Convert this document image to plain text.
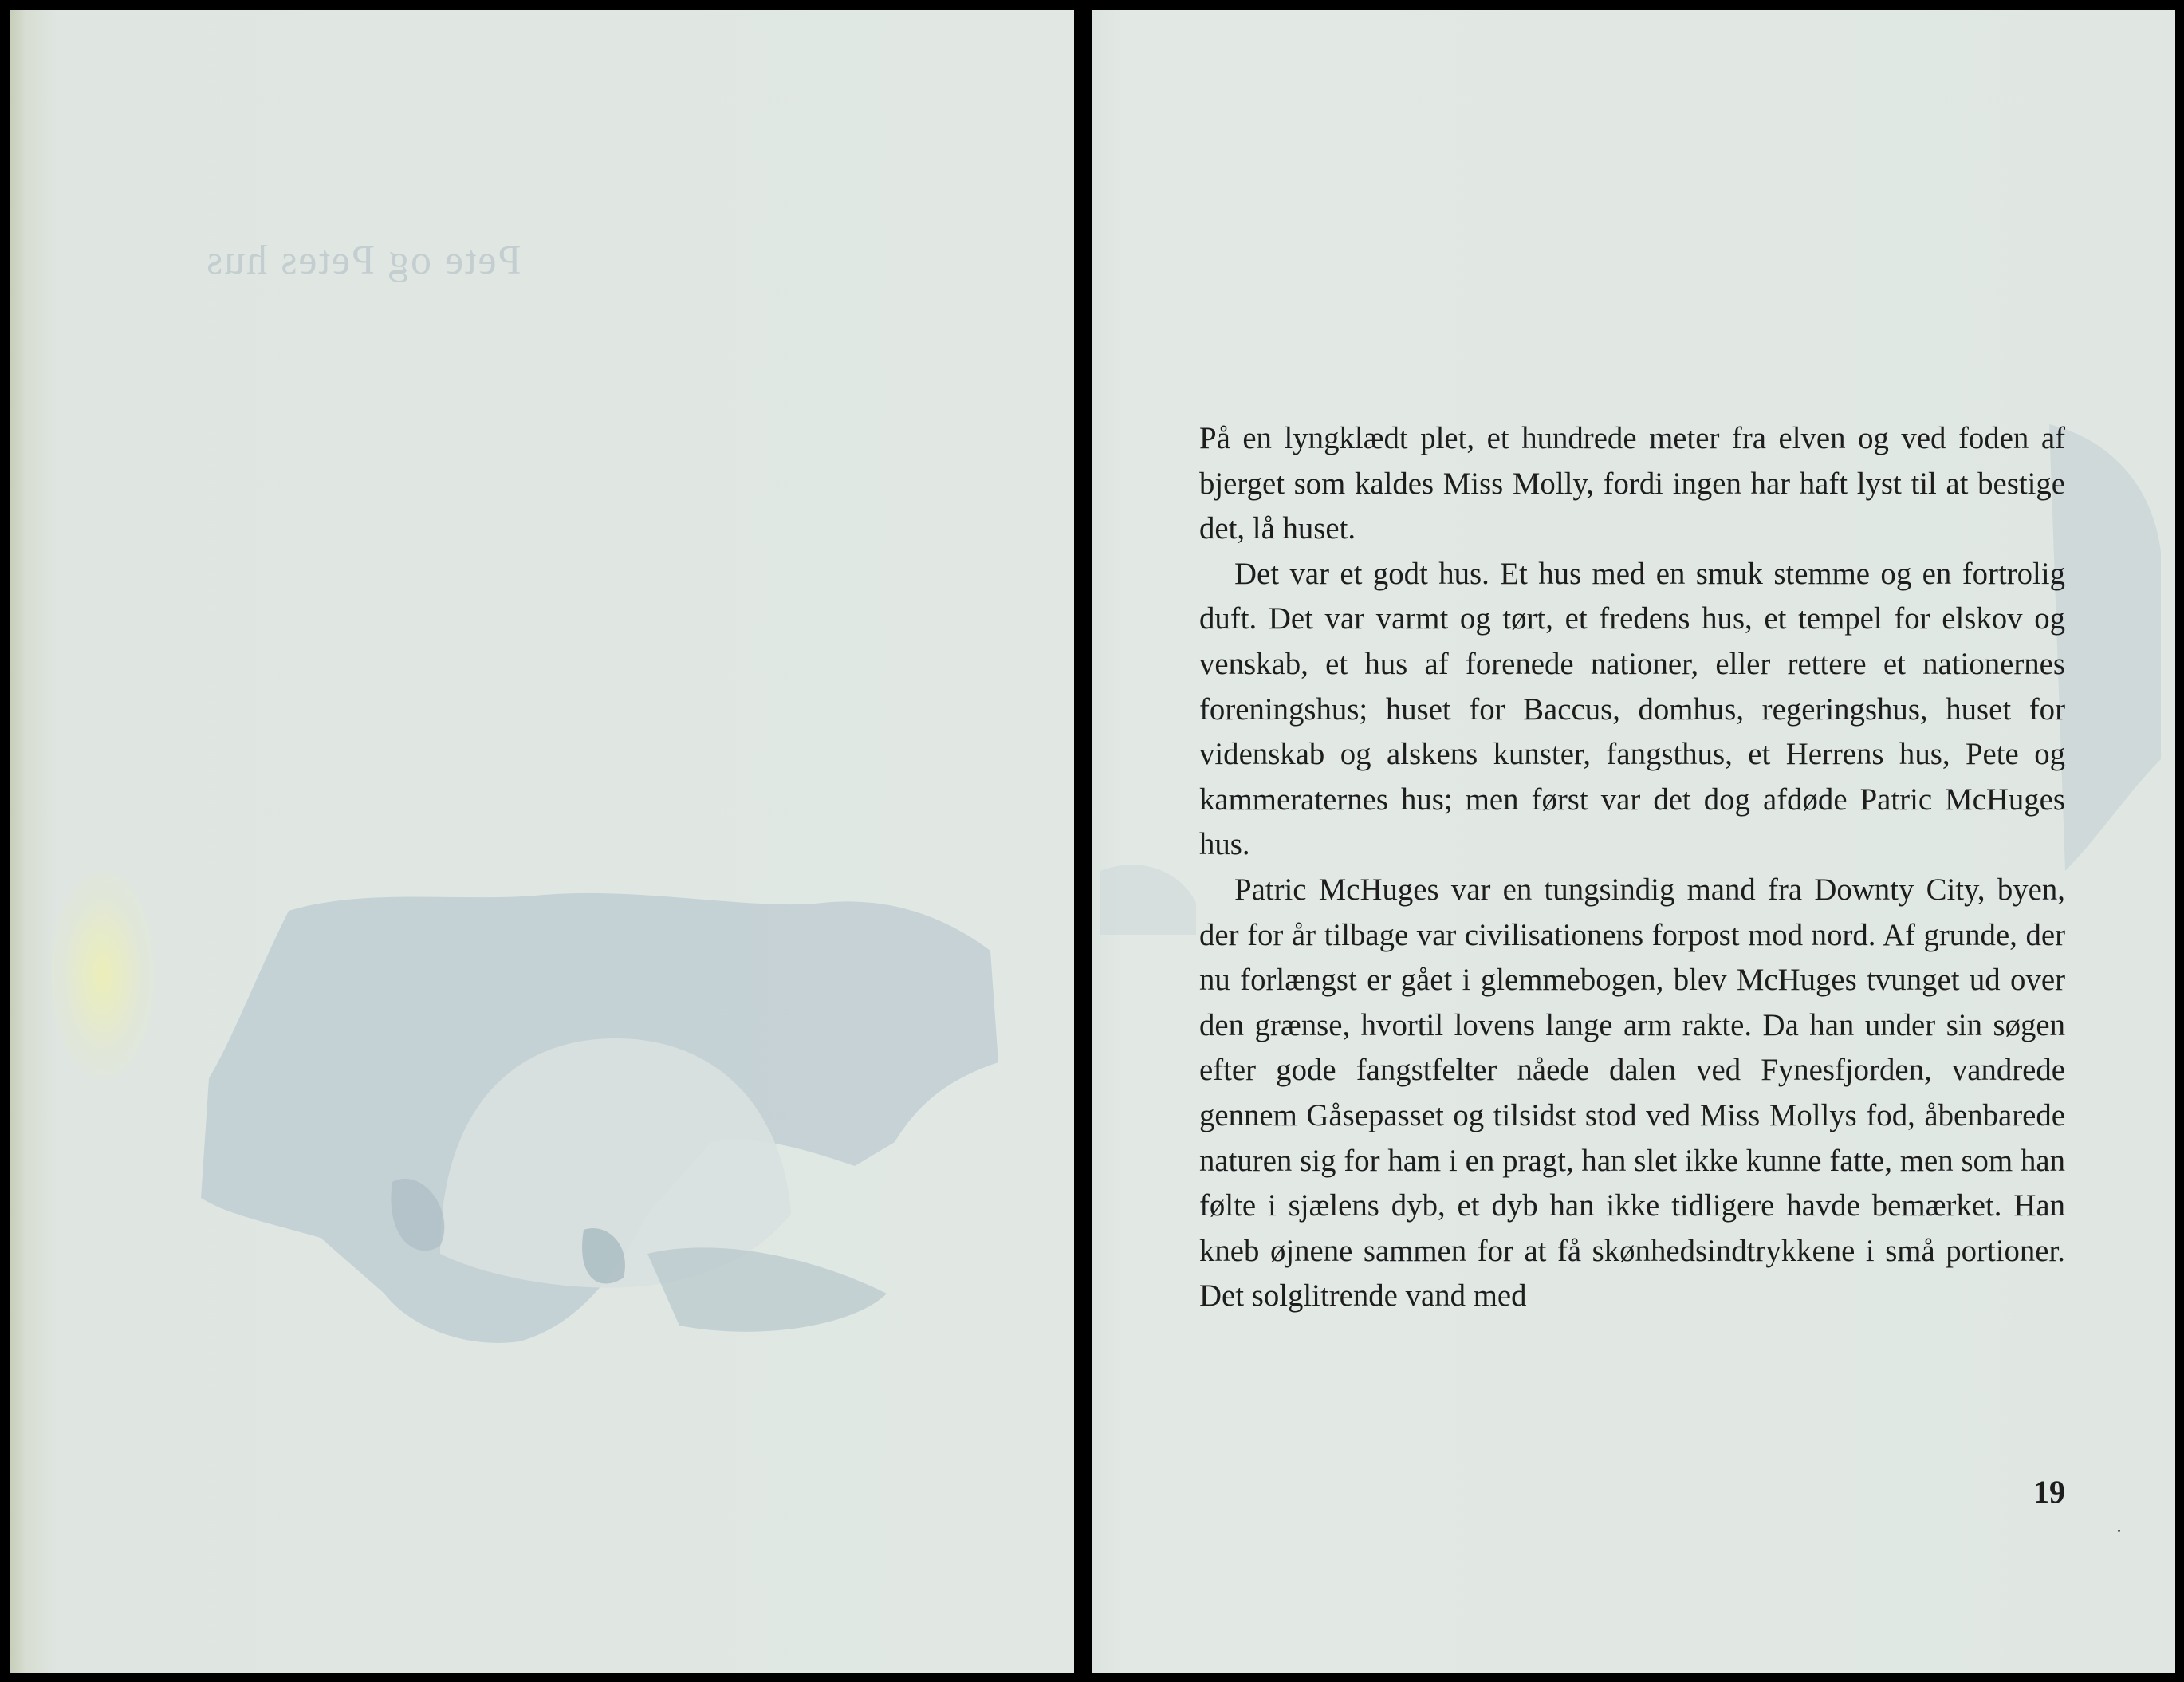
Pete og Petes hus

På en lyngklædt plet, et hundrede meter fra elven og ved foden af bjerget som kaldes Miss Molly, fordi ingen har haft lyst til at bestige det, lå huset.

Det var et godt hus. Et hus med en smuk stemme og en fortrolig duft. Det var varmt og tørt, et fredens hus, et tempel for elskov og venskab, et hus af forenede nationer, eller rettere et nationernes foreningshus; huset for Baccus, domhus, regeringshus, huset for videnskab og alskens kunster, fangsthus, et Herrens hus, Pete og kammeraternes hus; men først var det dog afdøde Patric McHuges hus.

Patric McHuges var en tungsindig mand fra Downty City, byen, der for år tilbage var civilisationens forpost mod nord. Af grunde, der nu forlængst er gået i glemmebogen, blev McHuges tvunget ud over den grænse, hvortil lovens lange arm rakte. Da han under sin søgen efter gode fangstfelter nåede dalen ved Fynesfjorden, vandrede gennem Gåsepasset og tilsidst stod ved Miss Mollys fod, åbenbarede naturen sig for ham i en pragt, han slet ikke kunne fatte, men som han følte i sjælens dyb, et dyb han ikke tidligere havde bemærket. Han kneb øjnene sammen for at få skønhedsindtrykkene i små portioner. Det solglitrende vand med

19
